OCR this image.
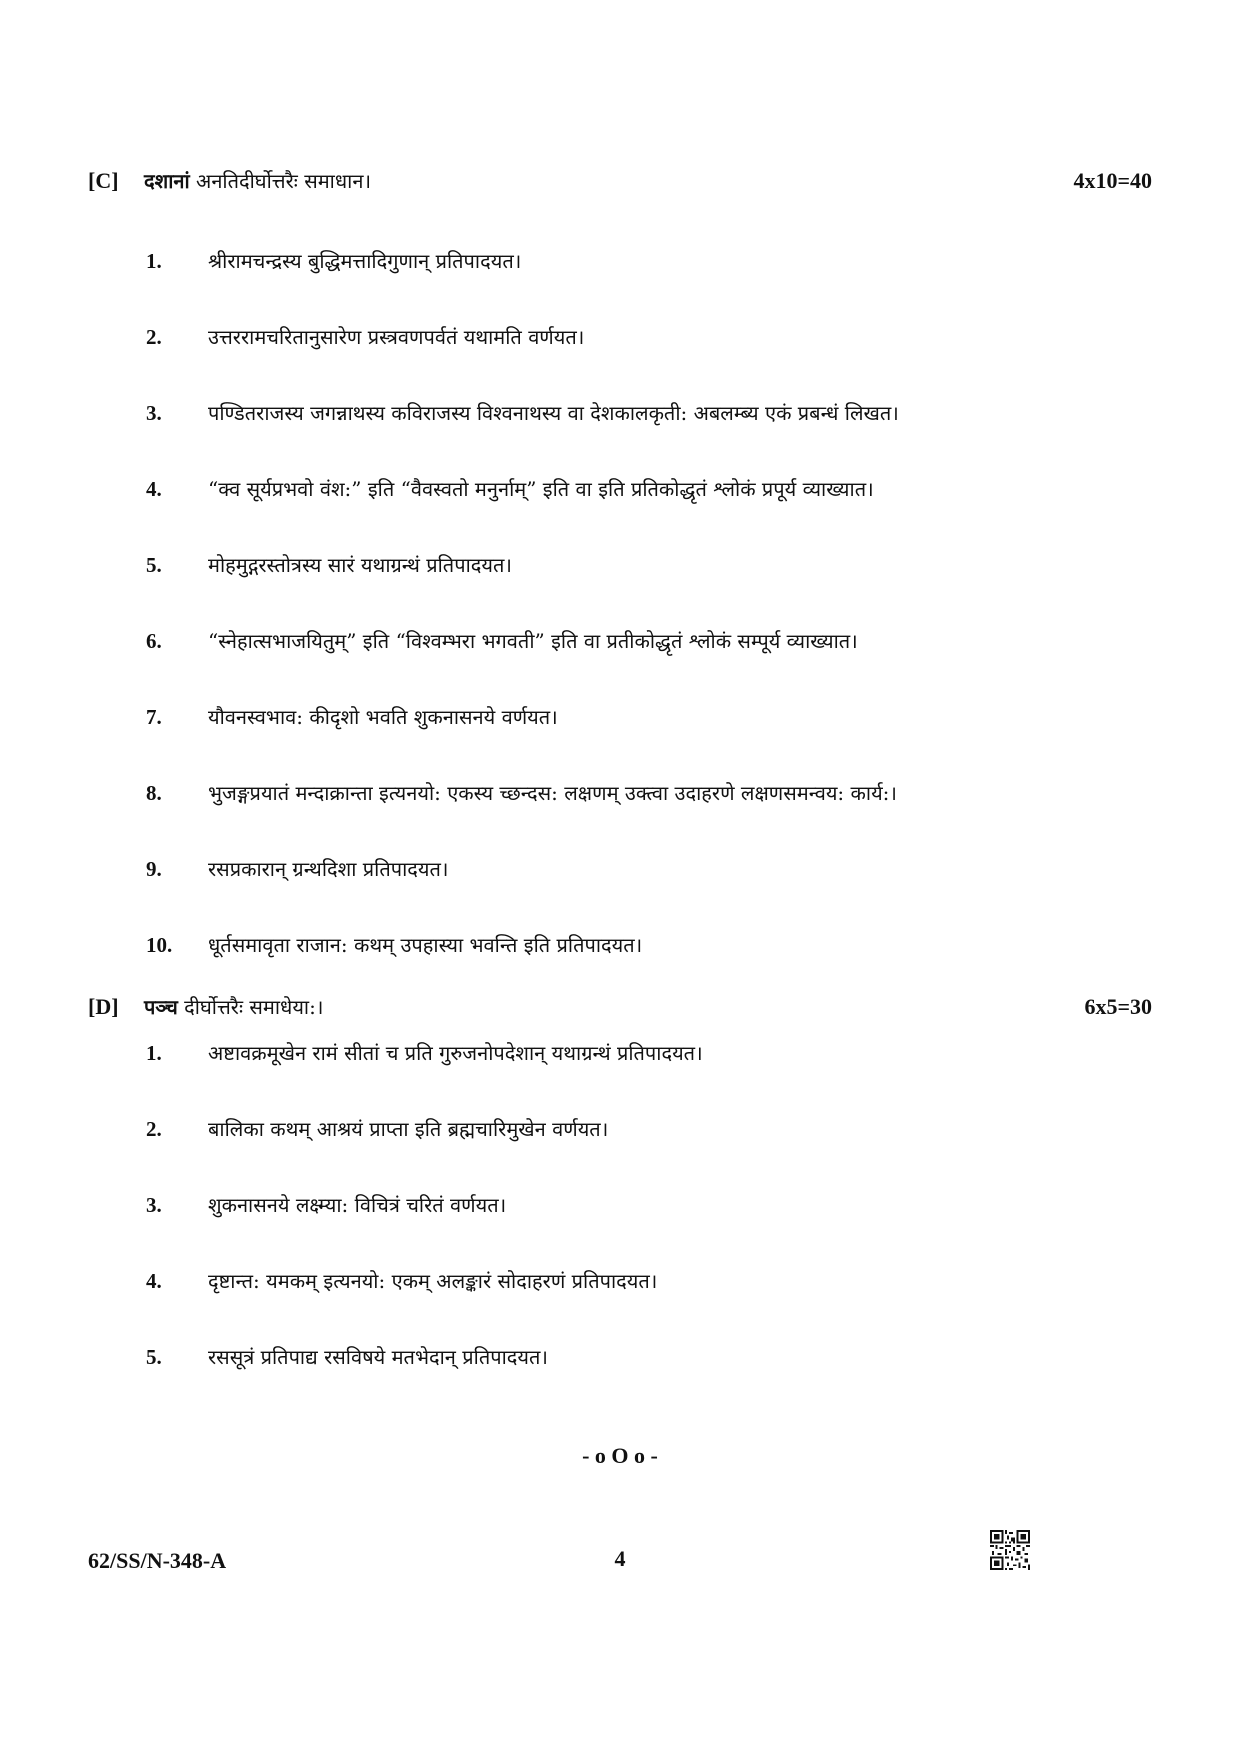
[C] दशानां अनतिदीर्घोत्तरैः समाधान।	4x10=40
1. श्रीरामचन्द्रस्य बुद्धिमत्तादिगुणान् प्रतिपादयत।
2. उत्तररामचरितानुसारेण प्रस्त्रवणपर्वतं यथामति वर्णयत।
3. पण्डितराजस्य जगन्नाथस्य कविराजस्य विश्वनाथस्य वा देशकालकृती: अबलम्ब्य एकं प्रबन्धं लिखत।
4. “क्व सूर्यप्रभवो वंश:” इति “वैवस्वतो मनुर्नाम्” इति वा इति प्रतिकोद्धृतं श्लोकं प्रपूर्य व्याख्यात।
5. मोहमुद्गरस्तोत्रस्य सारं यथाग्रन्थं प्रतिपादयत।
6. “स्नेहात्सभाजयितुम्” इति “विश्वम्भरा भगवती” इति वा प्रतीकोद्धृतं श्लोकं सम्पूर्य व्याख्यात।
7. यौवनस्वभाव: कीदृशो भवति शुकनासनये वर्णयत।
8. भुजङ्गप्रयातं मन्दाक्रान्ता इत्यनयो: एकस्य च्छन्दस: लक्षणम् उक्त्वा उदाहरणे लक्षणसमन्वय: कार्य:।
9. रसप्रकारान् ग्रन्थदिशा प्रतिपादयत।
10. धूर्तसमावृता राजान: कथम् उपहास्या भवन्ति इति प्रतिपादयत।
[D] पञ्च दीर्घोत्तरैः समाधेया:।	6x5=30
1. अष्टावक्रमूखेन रामं सीतां च प्रति गुरुजनोपदेशान् यथाग्रन्थं प्रतिपादयत।
2. बालिका कथम् आश्रयं प्राप्ता इति ब्रह्मचारिमुखेन वर्णयत।
3. शुकनासनये लक्ष्म्या: विचित्रं चरितं वर्णयत।
4. दृष्टान्त: यमकम् इत्यनयो: एकम् अलङ्कारं सोदाहरणं प्रतिपादयत।
5. रससूत्रं प्रतिपाद्य रसविषये मतभेदान् प्रतिपादयत।
- o O o -
62/SS/N-348-A	4
